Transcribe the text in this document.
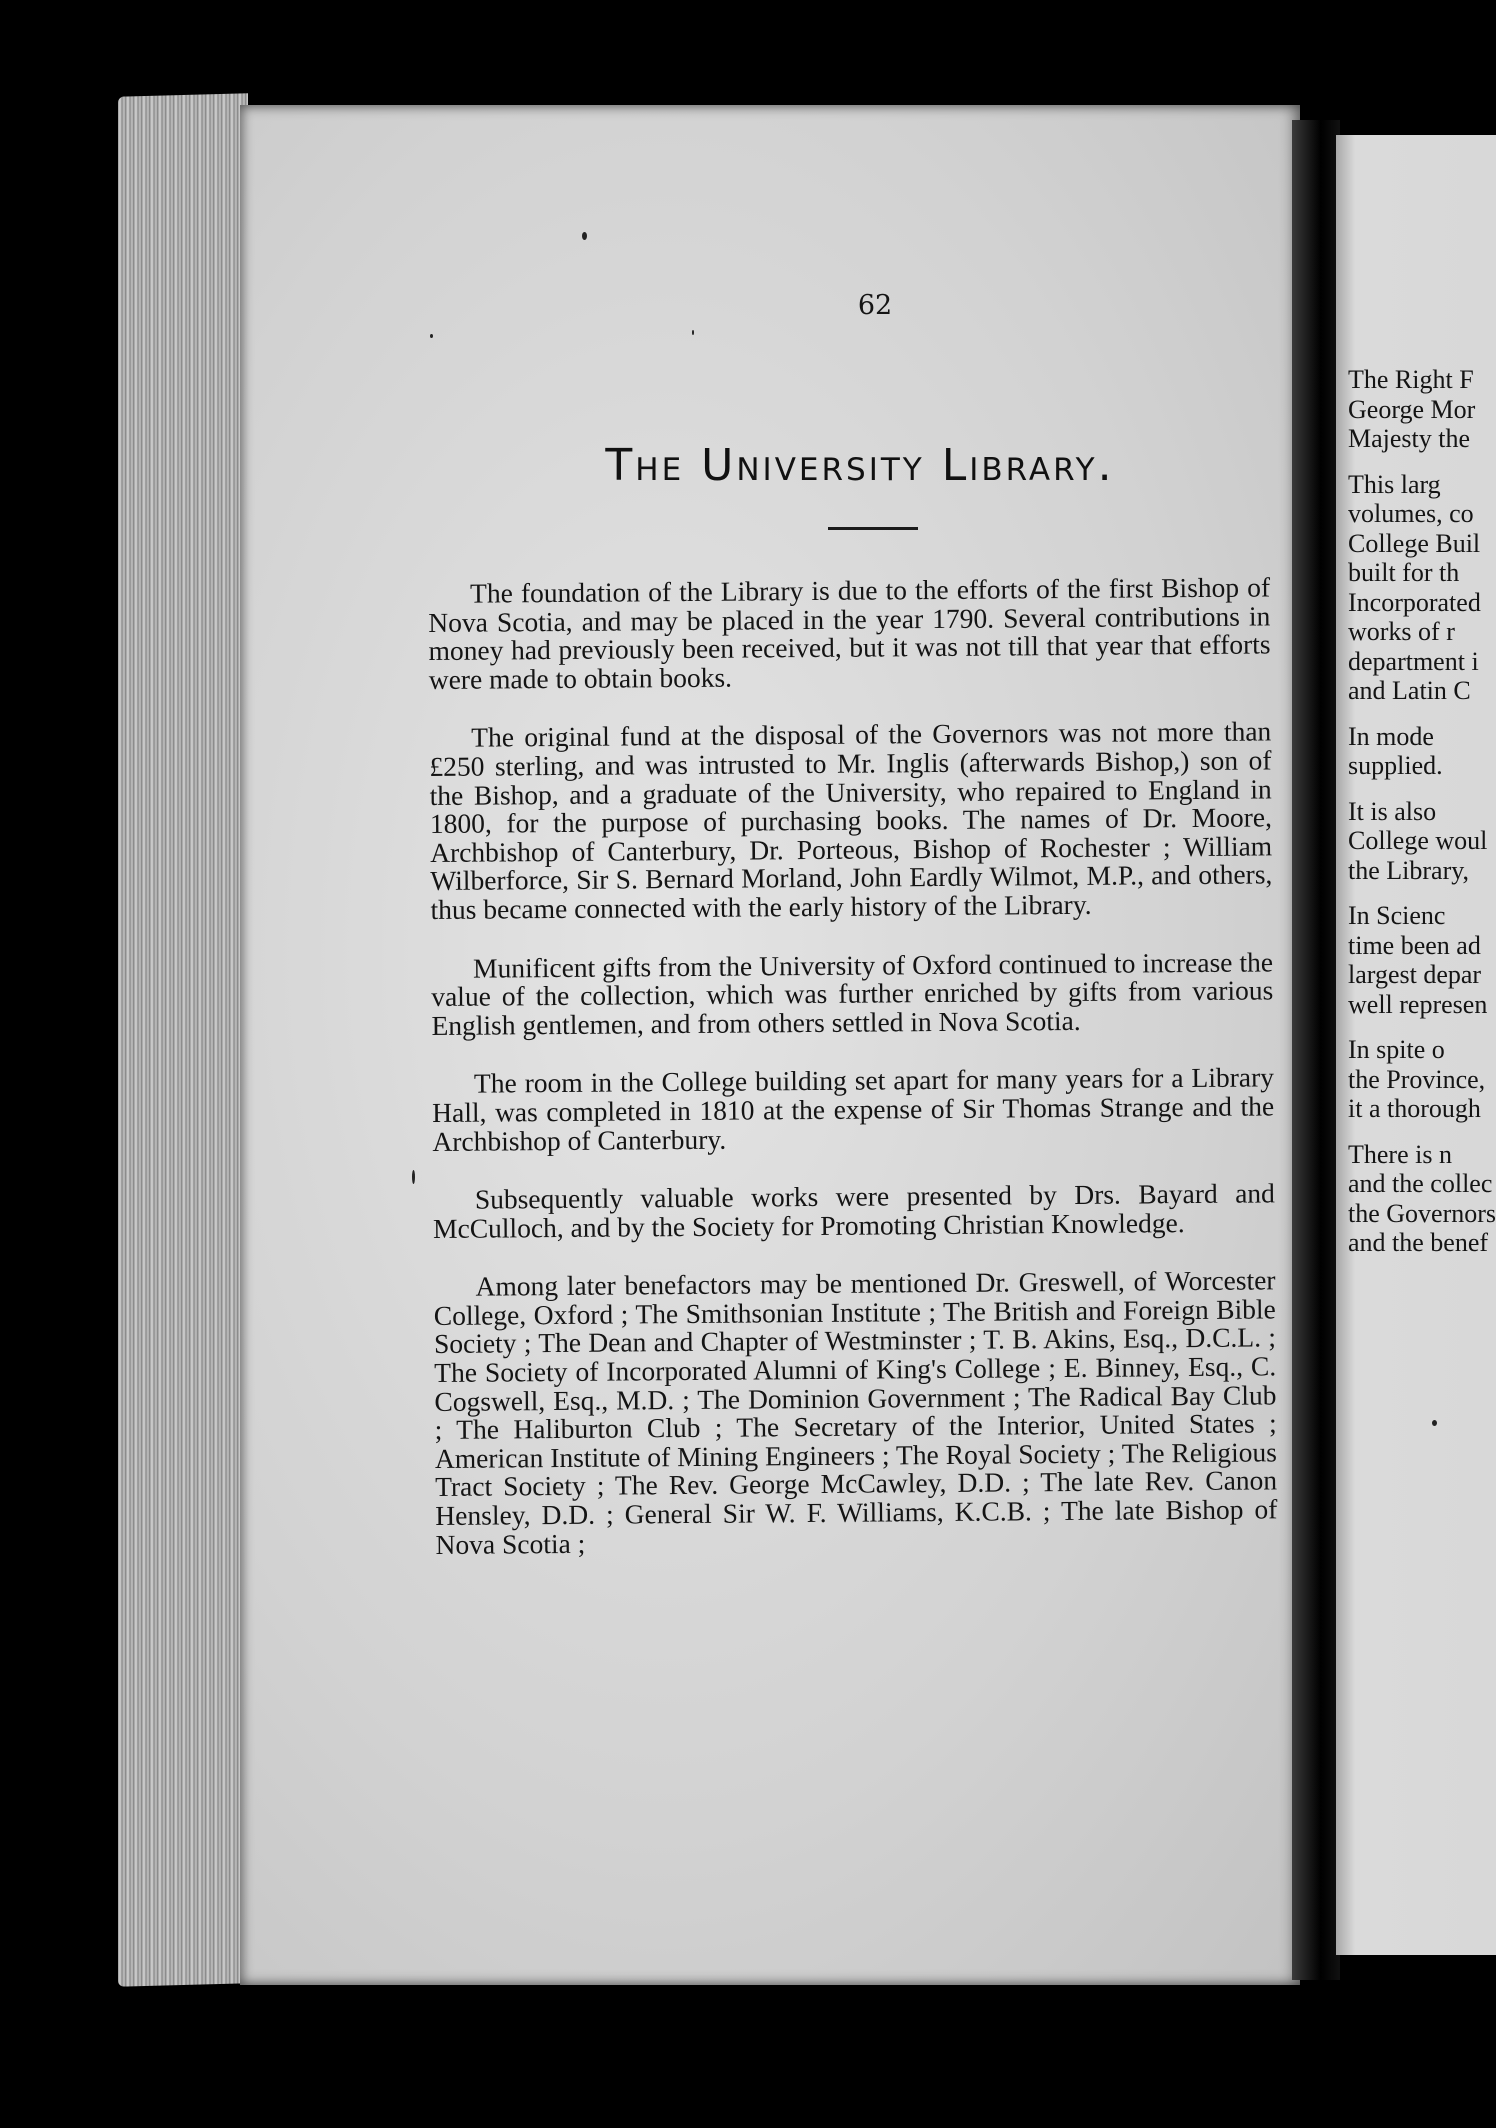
The Right F
George Mor
Majesty the
This larg
volumes, co
College Buil
built for th
Incorporated
works of r
department i
and Latin C
In mode
supplied.
It is also
College woul
the Library,
In Scienc
time been ad
largest depar
well represen
In spite o
the Province,
it a thorough
There is n
and the collec
the Governors
and the benef
62
The University Library.

The foundation of the Library is due to the efforts of the first Bishop of Nova Scotia, and may be placed in the year 1790. Several contributions in money had previously been received, but it was not till that year that efforts were made to obtain books.

The original fund at the disposal of the Governors was not more than £250 sterling, and was intrusted to Mr. Inglis (afterwards Bishop,) son of the Bishop, and a graduate of the University, who repaired to England in 1800, for the purpose of purchasing books. The names of Dr. Moore, Archbishop of Canterbury, Dr. Porteous, Bishop of Rochester ; William Wilberforce, Sir S. Bernard Morland, John Eardly Wilmot, M.P., and others, thus became connected with the early history of the Library.

Munificent gifts from the University of Oxford continued to increase the value of the collection, which was further enriched by gifts from various English gentlemen, and from others settled in Nova Scotia.

The room in the College building set apart for many years for a Library Hall, was completed in 1810 at the expense of Sir Thomas Strange and the Archbishop of Canterbury.

Subsequently valuable works were presented by Drs. Bayard and McCulloch, and by the Society for Promoting Christian Knowledge.

Among later benefactors may be mentioned Dr. Greswell, of Worcester College, Oxford ; The Smithsonian Institute ; The British and Foreign Bible Society ; The Dean and Chapter of Westminster ; T. B. Akins, Esq., D.C.L. ; The Society of Incorporated Alumni of King's College ; E. Binney, Esq., C. Cogswell, Esq., M.D. ; The Dominion Government ; The Radical Bay Club ; The Haliburton Club ; The Secretary of the Interior, United States ; American Institute of Mining Engineers ; The Royal Society ; The Religious Tract Society ; The Rev. George McCawley, D.D. ; The late Rev. Canon Hensley, D.D. ; General Sir W. F. Williams, K.C.B. ; The late Bishop of Nova Scotia ;
